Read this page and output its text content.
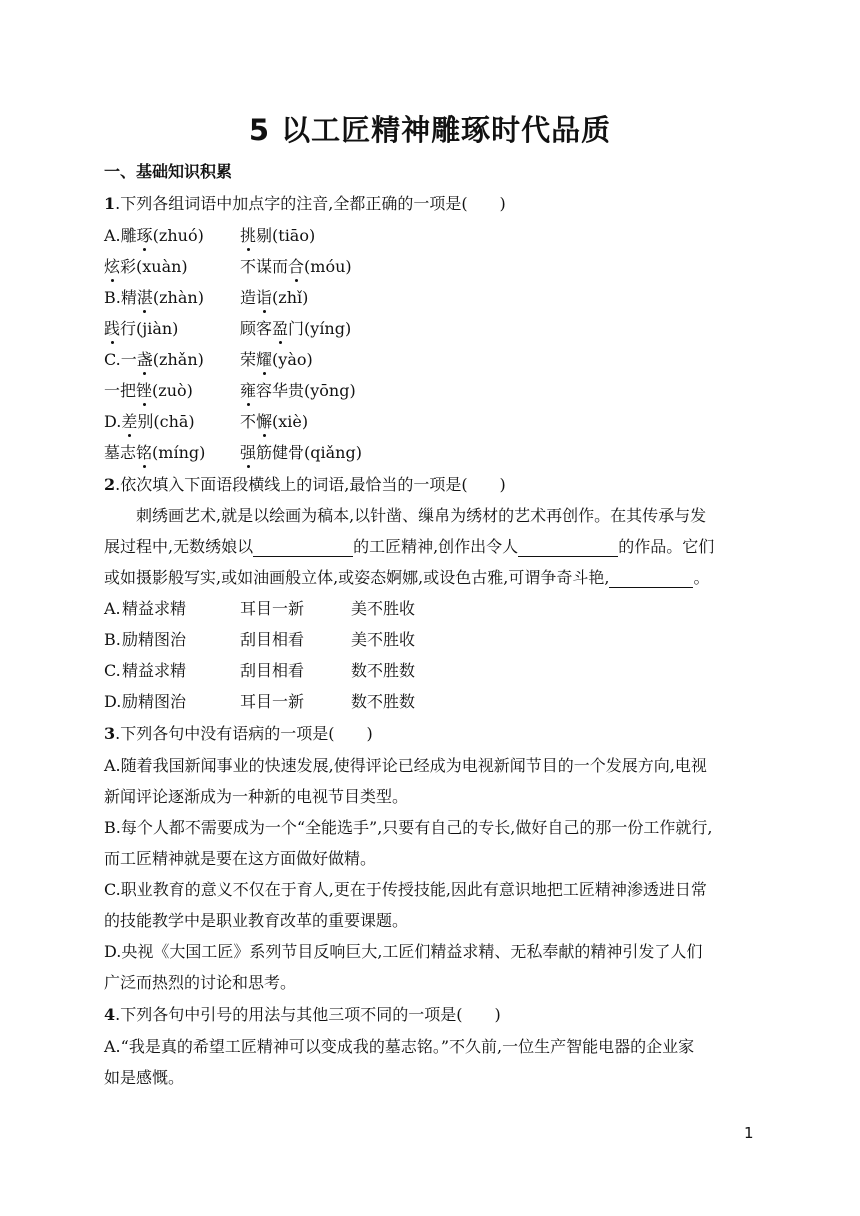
5 以工匠精神雕琢时代品质
一、基础知识积累
1.下列各组词语中加点字的注音,全都正确的一项是(　　)
A.雕琢(zhuó) 挑剔(tiāo)
炫彩(xuàn)	不谋而合(móu)
B.精湛(zhàn) 造诣(zhǐ)
践行(jiàn)	顾客盈门(yíng)
C.一盏(zhǎn) 荣耀(yào)
一把锉(zuò)	雍容华贵(yōng)
D.差别(chā)	不懈(xiè)
墓志铭(míng) 强筋健骨(qiǎng)
2.依次填入下面语段横线上的词语,最恰当的一项是(　　)
刺绣画艺术,就是以绘画为稿本,以针凿、缫帛为绣材的艺术再创作。在其传承与发
展过程中,无数绣娘以	的工匠精神,创作出令人	的作品。它们
或如摄影般写实,或如油画般立体,或姿态婀娜,或设色古雅,可谓争奇斗艳,	。
A. 精益求精	耳目一新	美不胜收
B. 励精图治	刮目相看	美不胜收
C. 精益求精	刮目相看	数不胜数
D. 励精图治	耳目一新	数不胜数
3.下列各句中没有语病的一项是(　　)
A.随着我国新闻事业的快速发展,使得评论已经成为电视新闻节目的一个发展方向,电视
新闻评论逐渐成为一种新的电视节目类型。
B.每个人都不需要成为一个“全能选手”,只要有自己的专长,做好自己的那一份工作就行,
而工匠精神就是要在这方面做好做精。
C.职业教育的意义不仅在于育人,更在于传授技能,因此有意识地把工匠精神渗透进日常
的技能教学中是职业教育改革的重要课题。
D.央视《大国工匠》系列节目反响巨大,工匠们精益求精、无私奉献的精神引发了人们
广泛而热烈的讨论和思考。
4.下列各句中引号的用法与其他三项不同的一项是(　　)
A.“我是真的希望工匠精神可以变成我的墓志铭。”不久前,一位生产智能电器的企业家
如是感慨。
1
